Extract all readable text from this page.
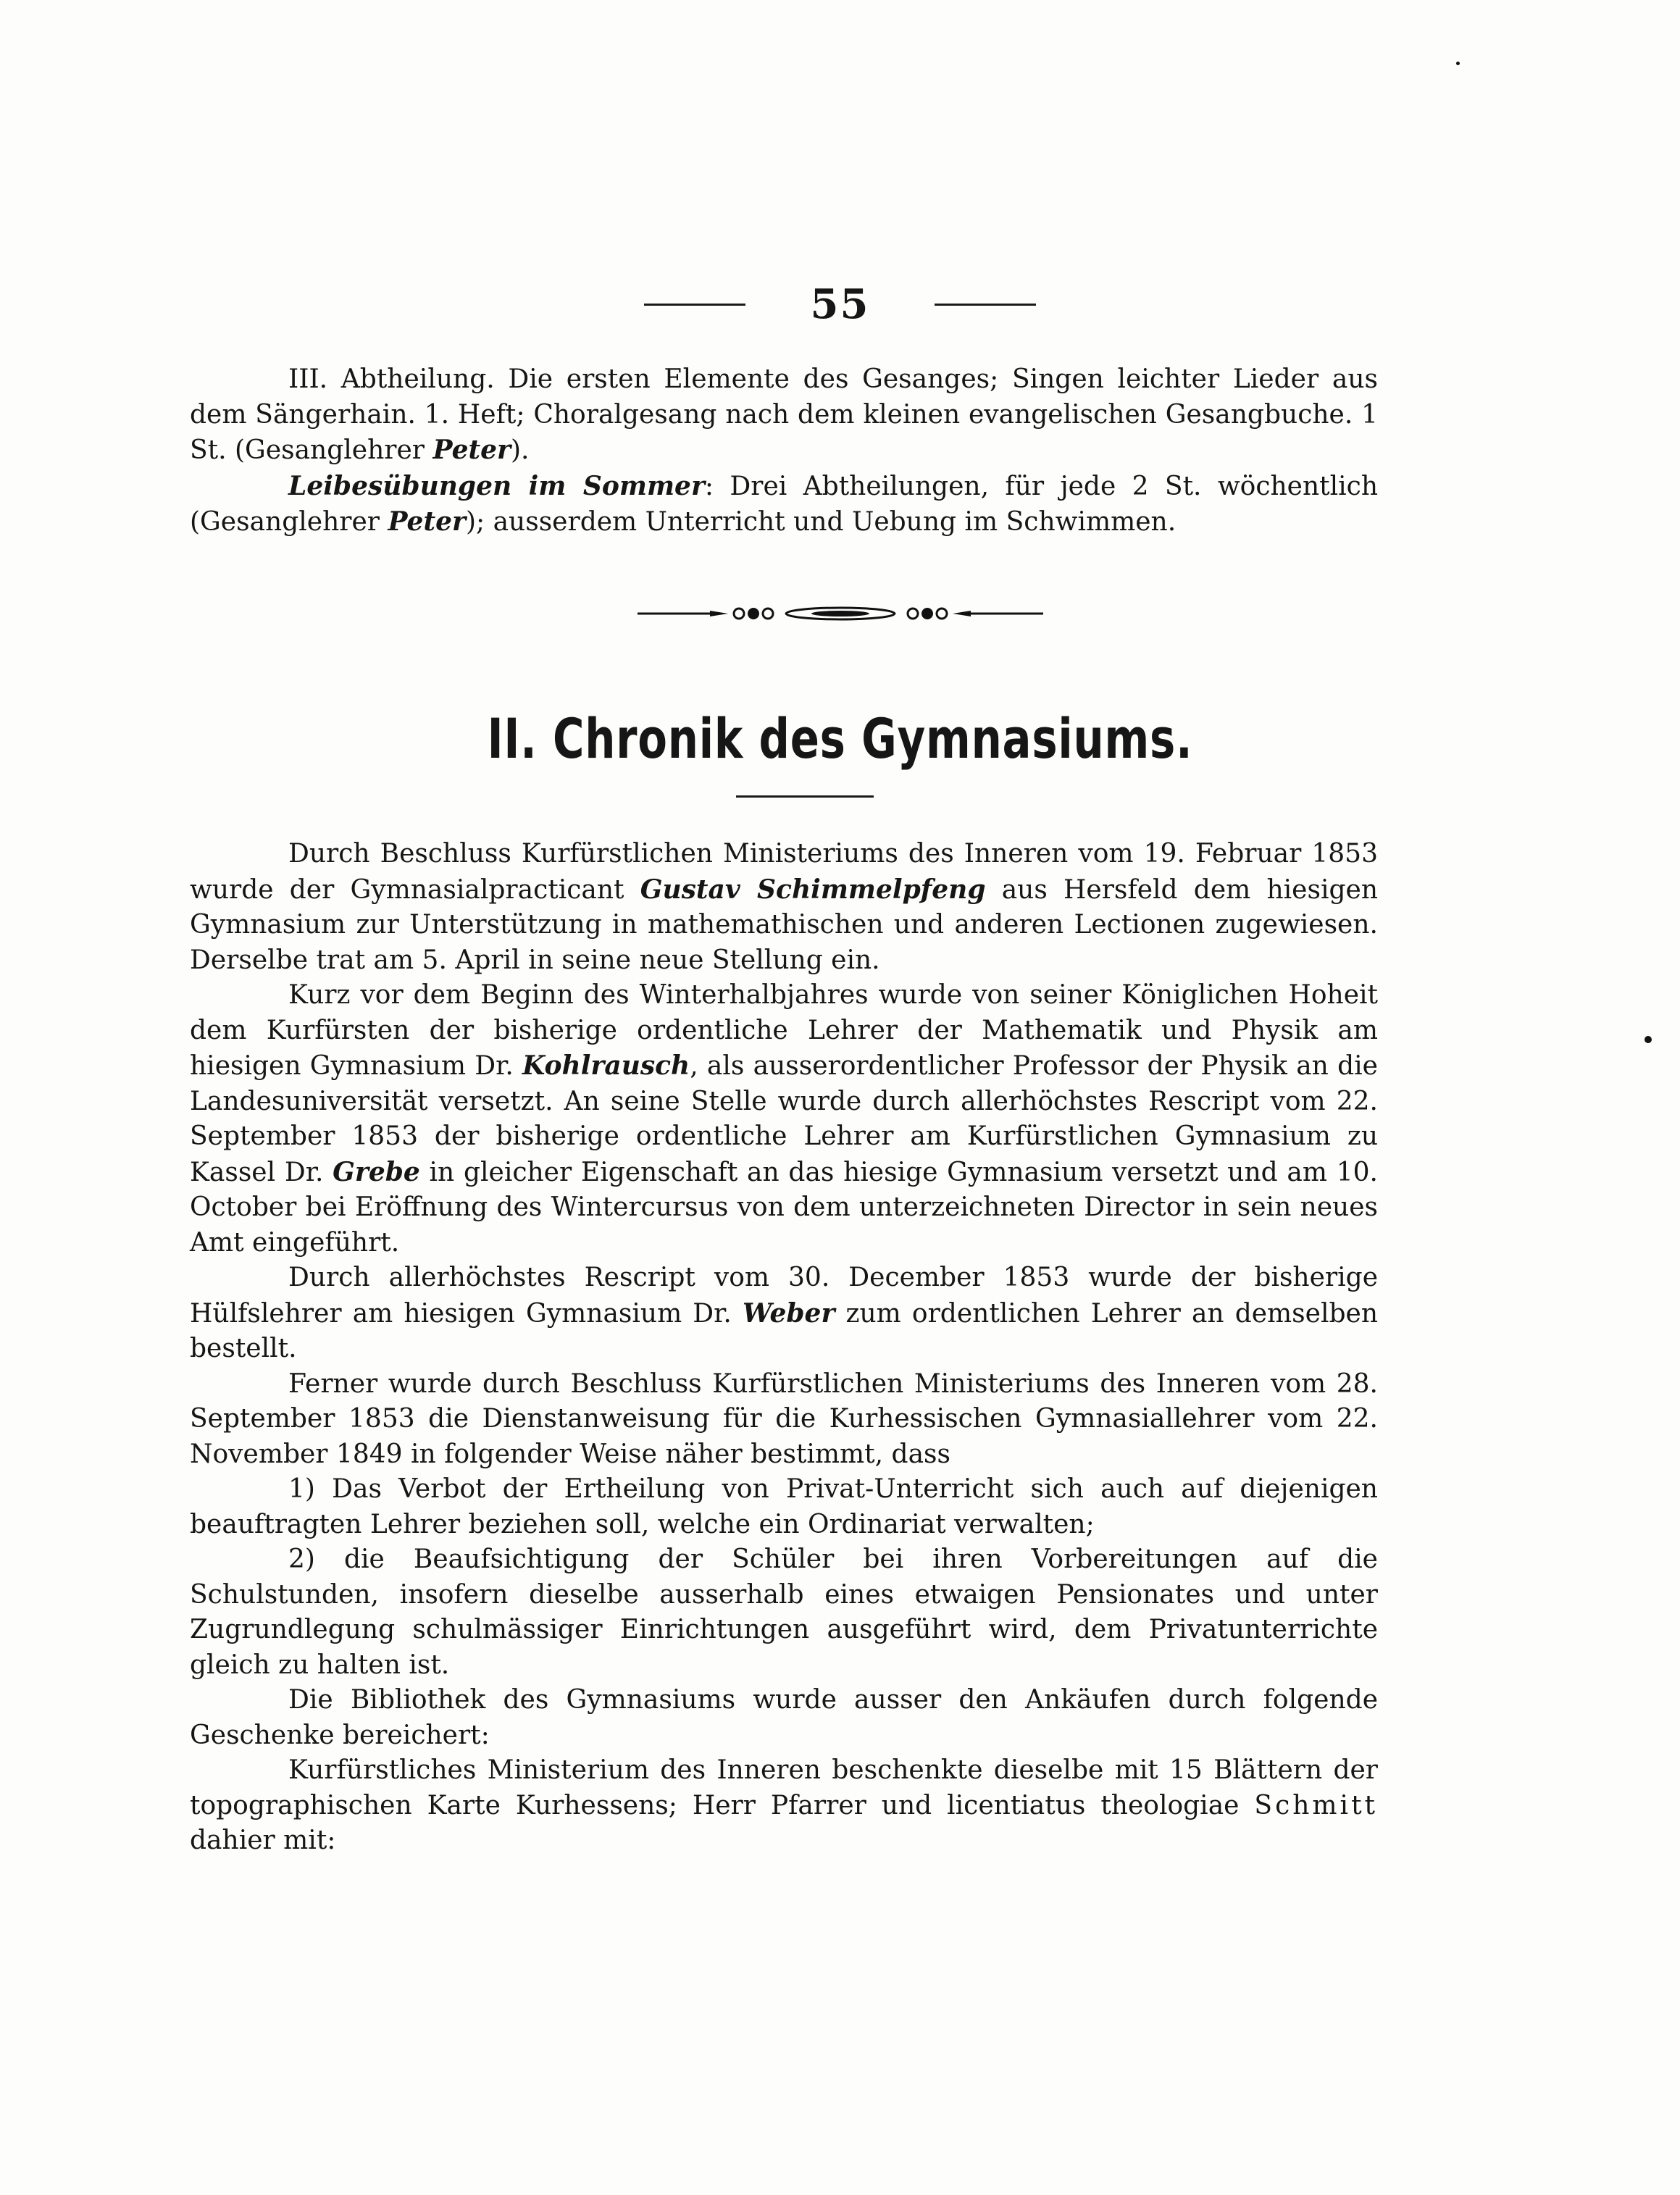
55

III. Abtheilung. Die ersten Elemente des Gesanges; Singen leichter Lieder aus dem Sängerhain. 1. Heft; Choralgesang nach dem kleinen evangelischen Gesangbuche. 1 St. (Gesanglehrer Peter).

Leibesübungen im Sommer: Drei Abtheilungen, für jede 2 St. wöchentlich (Gesanglehrer Peter); ausserdem Unterricht und Uebung im Schwimmen.

II. Chronik des Gymnasiums.

Durch Beschluss Kurfürstlichen Ministeriums des Inneren vom 19. Februar 1853 wurde der Gymnasialpracticant Gustav Schimmelpfeng aus Hersfeld dem hiesigen Gymnasium zur Unterstützung in mathemathischen und anderen Lectionen zugewiesen. Derselbe trat am 5. April in seine neue Stellung ein.

Kurz vor dem Beginn des Winterhalbjahres wurde von seiner Königlichen Hoheit dem Kurfürsten der bisherige ordentliche Lehrer der Mathematik und Physik am hiesigen Gymnasium Dr. Kohlrausch, als ausserordentlicher Professor der Physik an die Landesuniversität versetzt. An seine Stelle wurde durch allerhöchstes Rescript vom 22. September 1853 der bisherige ordentliche Lehrer am Kurfürstlichen Gymnasium zu Kassel Dr. Grebe in gleicher Eigenschaft an das hiesige Gymnasium versetzt und am 10. October bei Eröffnung des Wintercursus von dem unterzeichneten Director in sein neues Amt eingeführt.

Durch allerhöchstes Rescript vom 30. December 1853 wurde der bisherige Hülfslehrer am hiesigen Gymnasium Dr. Weber zum ordentlichen Lehrer an demselben bestellt.

Ferner wurde durch Beschluss Kurfürstlichen Ministeriums des Inneren vom 28. September 1853 die Dienstanweisung für die Kurhessischen Gymnasiallehrer vom 22. November 1849 in folgender Weise näher bestimmt, dass

1) Das Verbot der Ertheilung von Privat-Unterricht sich auch auf diejenigen beauftragten Lehrer beziehen soll, welche ein Ordinariat verwalten;

2) die Beaufsichtigung der Schüler bei ihren Vorbereitungen auf die Schulstunden, insofern dieselbe ausserhalb eines etwaigen Pensionates und unter Zugrundlegung schulmässiger Einrichtungen ausgeführt wird, dem Privatunterrichte gleich zu halten ist.

Die Bibliothek des Gymnasiums wurde ausser den Ankäufen durch folgende Geschenke bereichert:

Kurfürstliches Ministerium des Inneren beschenkte dieselbe mit 15 Blättern der topographischen Karte Kurhessens; Herr Pfarrer und licentiatus theologiae Schmitt dahier mit:
